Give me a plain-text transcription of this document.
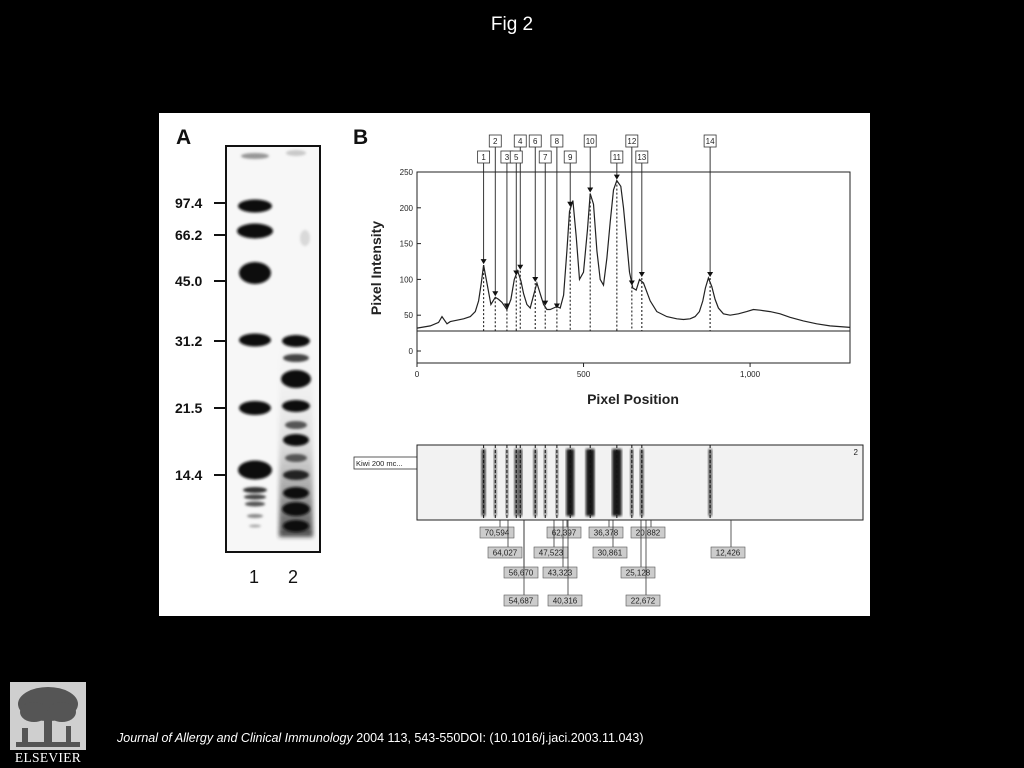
Fig 2
A
97.4
66.2
45.0
31.2
21.5
14.4
1 2
B
0
50
100
150
200
250
0	500	1,000
1
2
3
4
5
6
7
8
9
10
11
12
13
14
Pixel Intensity
Pixel Position
Kiwi 200 mc...
2
70,594	62,397 36,378 20,882
64,027	47,523	30,861	12,426
56,670 43,323	25,128
54,687 40,316	22,672
ELSEVIER
Journal of Allergy and Clinical Immunology 2004 113, 543-550DOI: (10.1016/j.jaci.2003.11.043)
